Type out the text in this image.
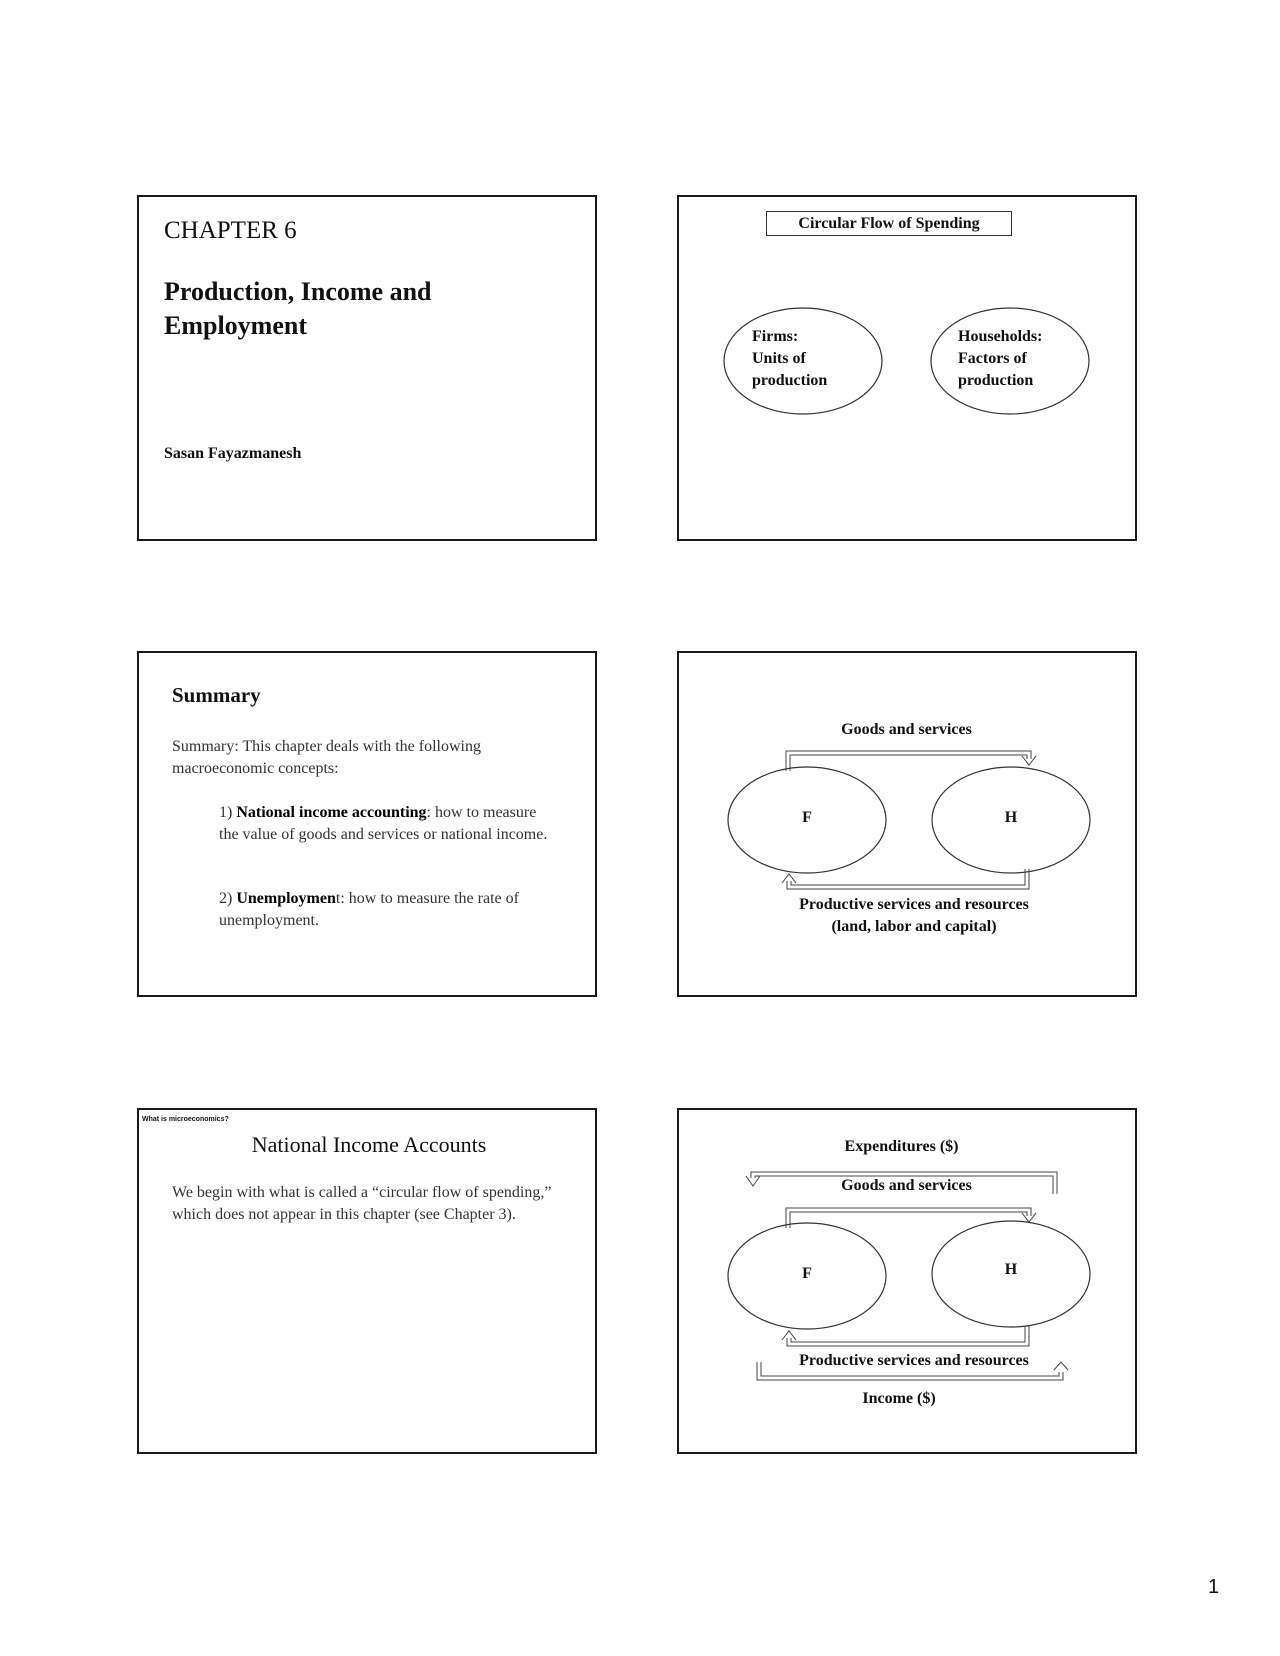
CHAPTER 6
Production, Income and
Employment
Sasan Fayazmanesh
Circular Flow of Spending
Firms:
Units of
production
Households:
Factors of
production
Summary
Summary: This chapter deals with the following macroeconomic concepts:
1) National income accounting: how to measure the value of goods and services or national income.
2) Unemployment: how to measure the rate of unemployment.
Goods and services
F	H
Productive services and resources
(land, labor and capital)
What is microeconomics?
National Income Accounts
We begin with what is called a “circular flow of spending,” which does not appear in this chapter (see Chapter 3).
Expenditures ($)
Goods and services
F	H
Productive services and resources
Income ($)
1
